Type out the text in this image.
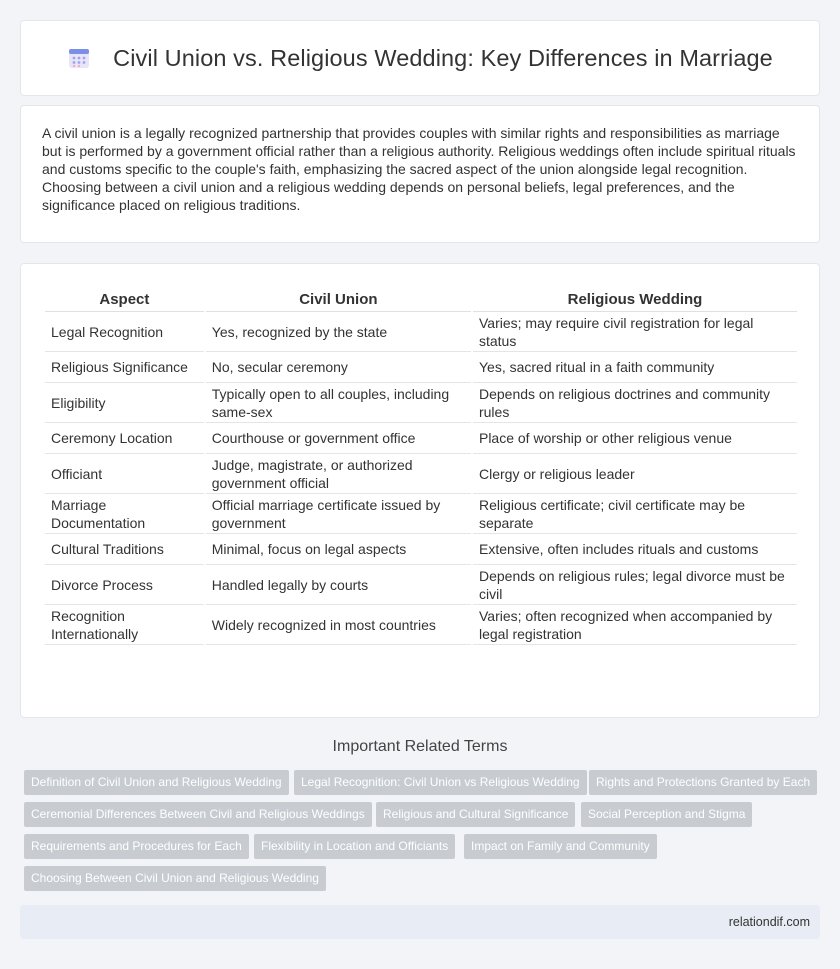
Civil Union vs. Religious Wedding: Key Differences in Marriage

A civil union is a legally recognized partnership that provides couples with similar rights and responsibilities as marriage but is performed by a government official rather than a religious authority. Religious weddings often include spiritual rituals and customs specific to the couple's faith, emphasizing the sacred aspect of the union alongside legal recognition. Choosing between a civil union and a religious wedding depends on personal beliefs, legal preferences, and the significance placed on religious traditions.

Aspect	Civil Union	Religious Wedding
Legal Recognition	Yes, recognized by the state	Varies; may require civil registration for legal status
Religious Significance	No, secular ceremony	Yes, sacred ritual in a faith community
Eligibility	Typically open to all couples, including same-sex	Depends on religious doctrines and community rules
Ceremony Location	Courthouse or government office	Place of worship or other religious venue
Officiant	Judge, magistrate, or authorized government official	Clergy or religious leader
Marriage Documentation	Official marriage certificate issued by government	Religious certificate; civil certificate may be separate
Cultural Traditions	Minimal, focus on legal aspects	Extensive, often includes rituals and customs
Divorce Process	Handled legally by courts	Depends on religious rules; legal divorce must be civil
Recognition Internationally	Widely recognized in most countries	Varies; often recognized when accompanied by legal registration
Important Related Terms
Definition of Civil Union and Religious Wedding	Legal Recognition: Civil Union vs Religious Wedding	Rights and Protections Granted by Each
Ceremonial Differences Between Civil and Religious Weddings	Religious and Cultural Significance	Social Perception and Stigma
Requirements and Procedures for Each	Flexibility in Location and Officiants	Impact on Family and Community
Choosing Between Civil Union and Religious Wedding
relationdif.com
